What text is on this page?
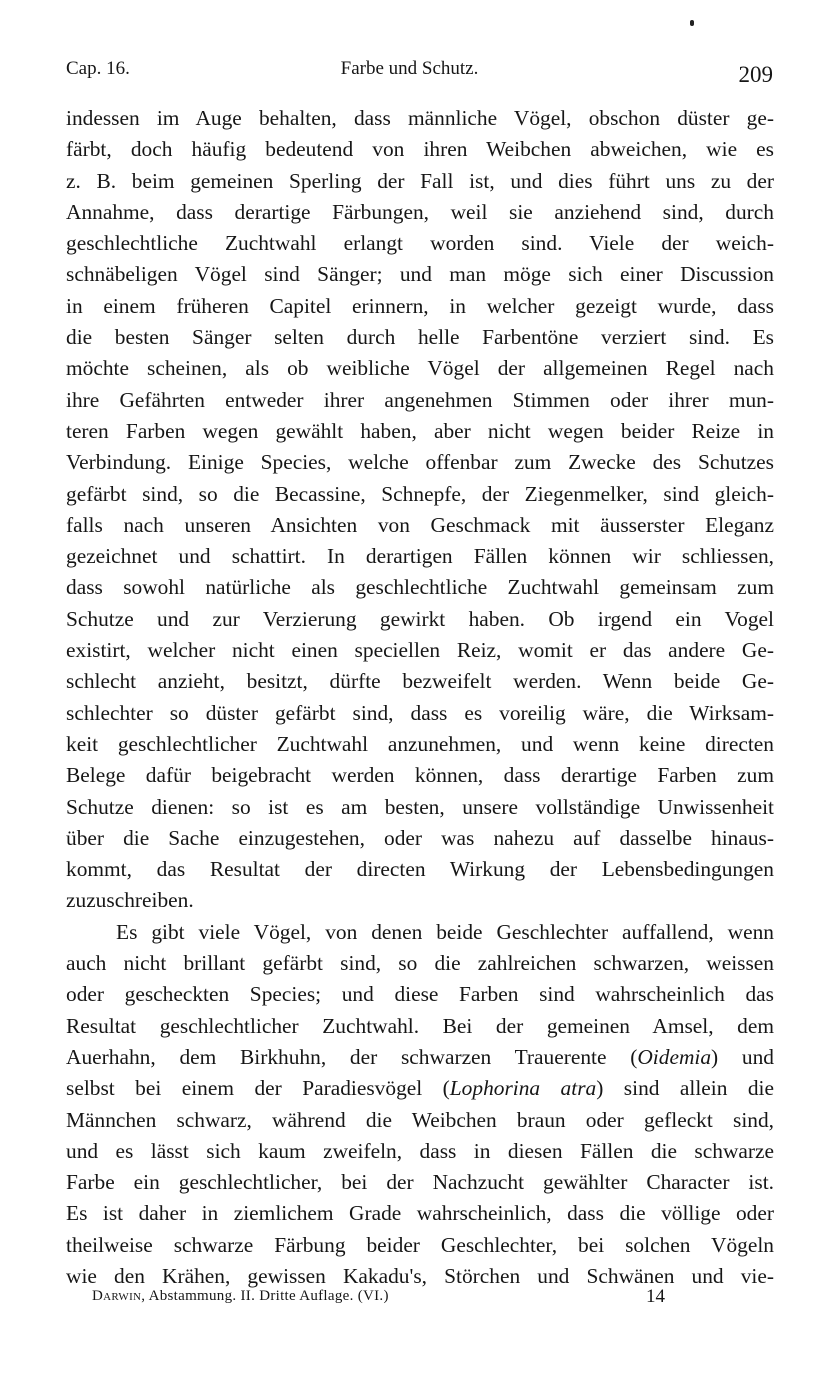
Cap. 16.	Farbe und Schutz.	209
indessen im Auge behalten, dass männliche Vögel, obschon düster ge-
färbt, doch häufig bedeutend von ihren Weibchen abweichen, wie es
z. B. beim gemeinen Sperling der Fall ist, und dies führt uns zu der
Annahme, dass derartige Färbungen, weil sie anziehend sind, durch
geschlechtliche Zuchtwahl erlangt worden sind. Viele der weich-
schnäbeligen Vögel sind Sänger; und man möge sich einer Discussion
in einem früheren Capitel erinnern, in welcher gezeigt wurde, dass
die besten Sänger selten durch helle Farbentöne verziert sind. Es
möchte scheinen, als ob weibliche Vögel der allgemeinen Regel nach
ihre Gefährten entweder ihrer angenehmen Stimmen oder ihrer mun-
teren Farben wegen gewählt haben, aber nicht wegen beider Reize in
Verbindung. Einige Species, welche offenbar zum Zwecke des Schutzes
gefärbt sind, so die Becassine, Schnepfe, der Ziegenmelker, sind gleich-
falls nach unseren Ansichten von Geschmack mit äusserster Eleganz
gezeichnet und schattirt. In derartigen Fällen können wir schliessen,
dass sowohl natürliche als geschlechtliche Zuchtwahl gemeinsam zum
Schutze und zur Verzierung gewirkt haben. Ob irgend ein Vogel
existirt, welcher nicht einen speciellen Reiz, womit er das andere Ge-
schlecht anzieht, besitzt, dürfte bezweifelt werden. Wenn beide Ge-
schlechter so düster gefärbt sind, dass es voreilig wäre, die Wirksam-
keit geschlechtlicher Zuchtwahl anzunehmen, und wenn keine directen
Belege dafür beigebracht werden können, dass derartige Farben zum
Schutze dienen: so ist es am besten, unsere vollständige Unwissenheit
über die Sache einzugestehen, oder was nahezu auf dasselbe hinaus-
kommt, das Resultat der directen Wirkung der Lebensbedingungen
zuzuschreiben.
Es gibt viele Vögel, von denen beide Geschlechter auffallend, wenn
auch nicht brillant gefärbt sind, so die zahlreichen schwarzen, weissen
oder gescheckten Species; und diese Farben sind wahrscheinlich das
Resultat geschlechtlicher Zuchtwahl. Bei der gemeinen Amsel, dem
Auerhahn, dem Birkhuhn, der schwarzen Trauerente (Oidemia) und
selbst bei einem der Paradiesvögel (Lophorina atra) sind allein die
Männchen schwarz, während die Weibchen braun oder gefleckt sind,
und es lässt sich kaum zweifeln, dass in diesen Fällen die schwarze
Farbe ein geschlechtlicher, bei der Nachzucht gewählter Character ist.
Es ist daher in ziemlichem Grade wahrscheinlich, dass die völlige oder
theilweise schwarze Färbung beider Geschlechter, bei solchen Vögeln
wie den Krähen, gewissen Kakadu's, Störchen und Schwänen und vie-
Darwin, Abstammung. II. Dritte Auflage. (VI.)	14
